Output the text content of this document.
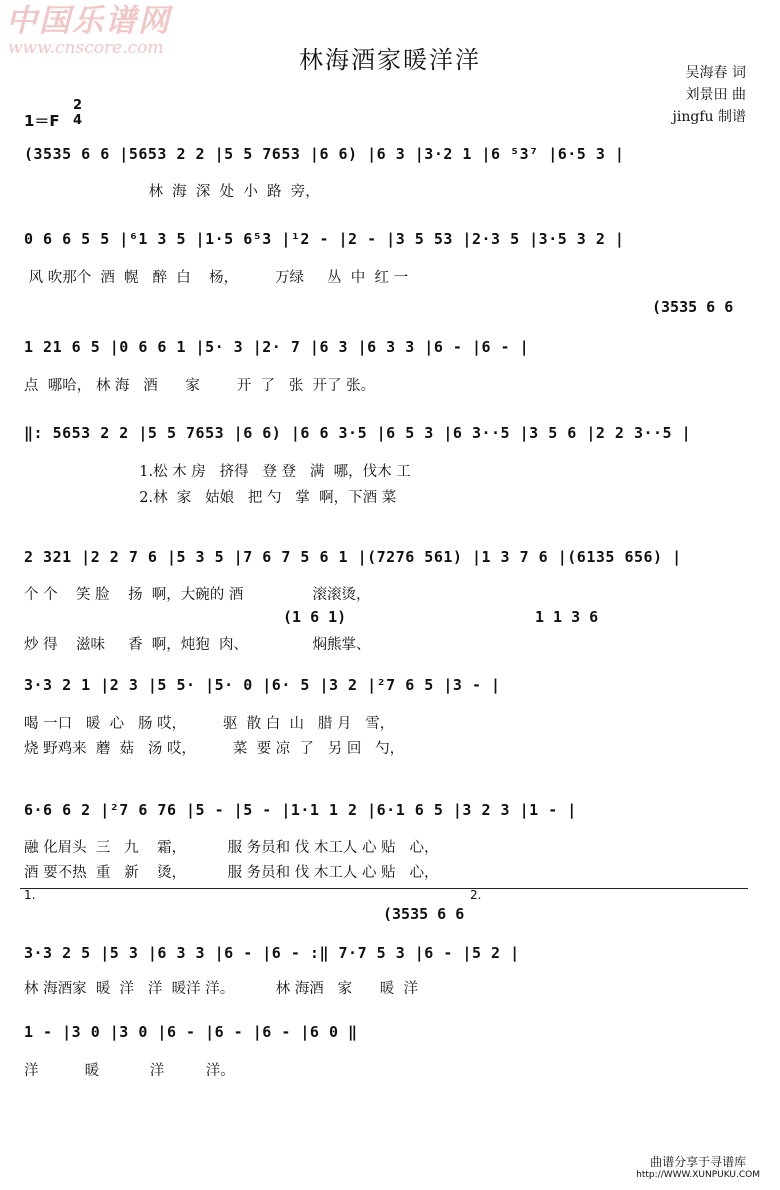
中国乐谱网
www.cnscore.com	林海酒家暖洋洋	吴海春 词
刘景田 曲
jingfu 制谱
1＝F
2
4
(3535 6 6 |5653 2 2 |5 5 7653 |6 6) |6 3 |3·2 1 |6 ⁵3⁷ |6·5 3 |
林  海  深  处  小  路  旁，
0 6 6 5 5 |⁶1 3 5 |1·5 6⁵3 |¹2 - |2 - |3 5 53 |2·3 5 |3·5 3 2 |
风 吹那个  酒  幌   醉  白    杨，        万绿     丛  中  红 一
(3535 6 6
1 21 6 5 |0 6 6 1 |5· 3 |2· 7 |6 3 |6 3 3 |6 - |6 - |
点  哪哈， 林 海   酒      家        开  了   张  开了 张。
‖: 5653 2 2 |5 5 7653 |6 6) |6 6 3·5 |6 5 3 |6 3··5 |3 5 6 |2 2 3··5 |
1.松 木 房   挤得   登 登   满  哪，伐木 工
2.林  家   姑娘   把 勺   掌  啊，下酒 菜
2 321 |2 2 7 6 |5 3 5 |7 6 7 5 6 1 |(7276 561) |1 3 7 6 |(6135 656) |
个 个    笑 脸    扬  啊，大碗的 酒               滚滚烫，
(1 6 1)	1 1 3 6
炒 得    滋味     香  啊，炖狍  肉、              焖熊掌、
3·3 2 1 |2 3 |5 5· |5· 0 |6· 5 |3 2 |²7 6 5 |3 - |
喝 一口   暖  心   肠 哎，        驱  散 白  山   腊 月   雪，
烧 野鸡来  蘑  菇   汤 哎，        菜  要 凉  了   另 回   勺，
6·6 6 2 |²7 6 76 |5 - |5 - |1·1 1 2 |6·1 6 5 |3 2 3 |1 - |
融 化眉头  三   九    霜，         服 务员和 伐 木工人 心 贴   心，
酒 要不热  重   新    烫，         服 务员和 伐 木工人 心 贴   心，
1.	2.
(3535 6 6
3·3 2 5 |5 3 |6 3 3 |6 - |6 - :‖ 7·7 5 3 |6 - |5 2 |
林 海酒家  暖  洋   洋  暖洋 洋。         林 海酒   家      暖  洋
1 - |3 0 |3 0 |6 - |6 - |6 - |6 0 ‖
洋          暖           洋         洋。
曲谱分享于寻谱库
http://WWW.XUNPUKU.COM
